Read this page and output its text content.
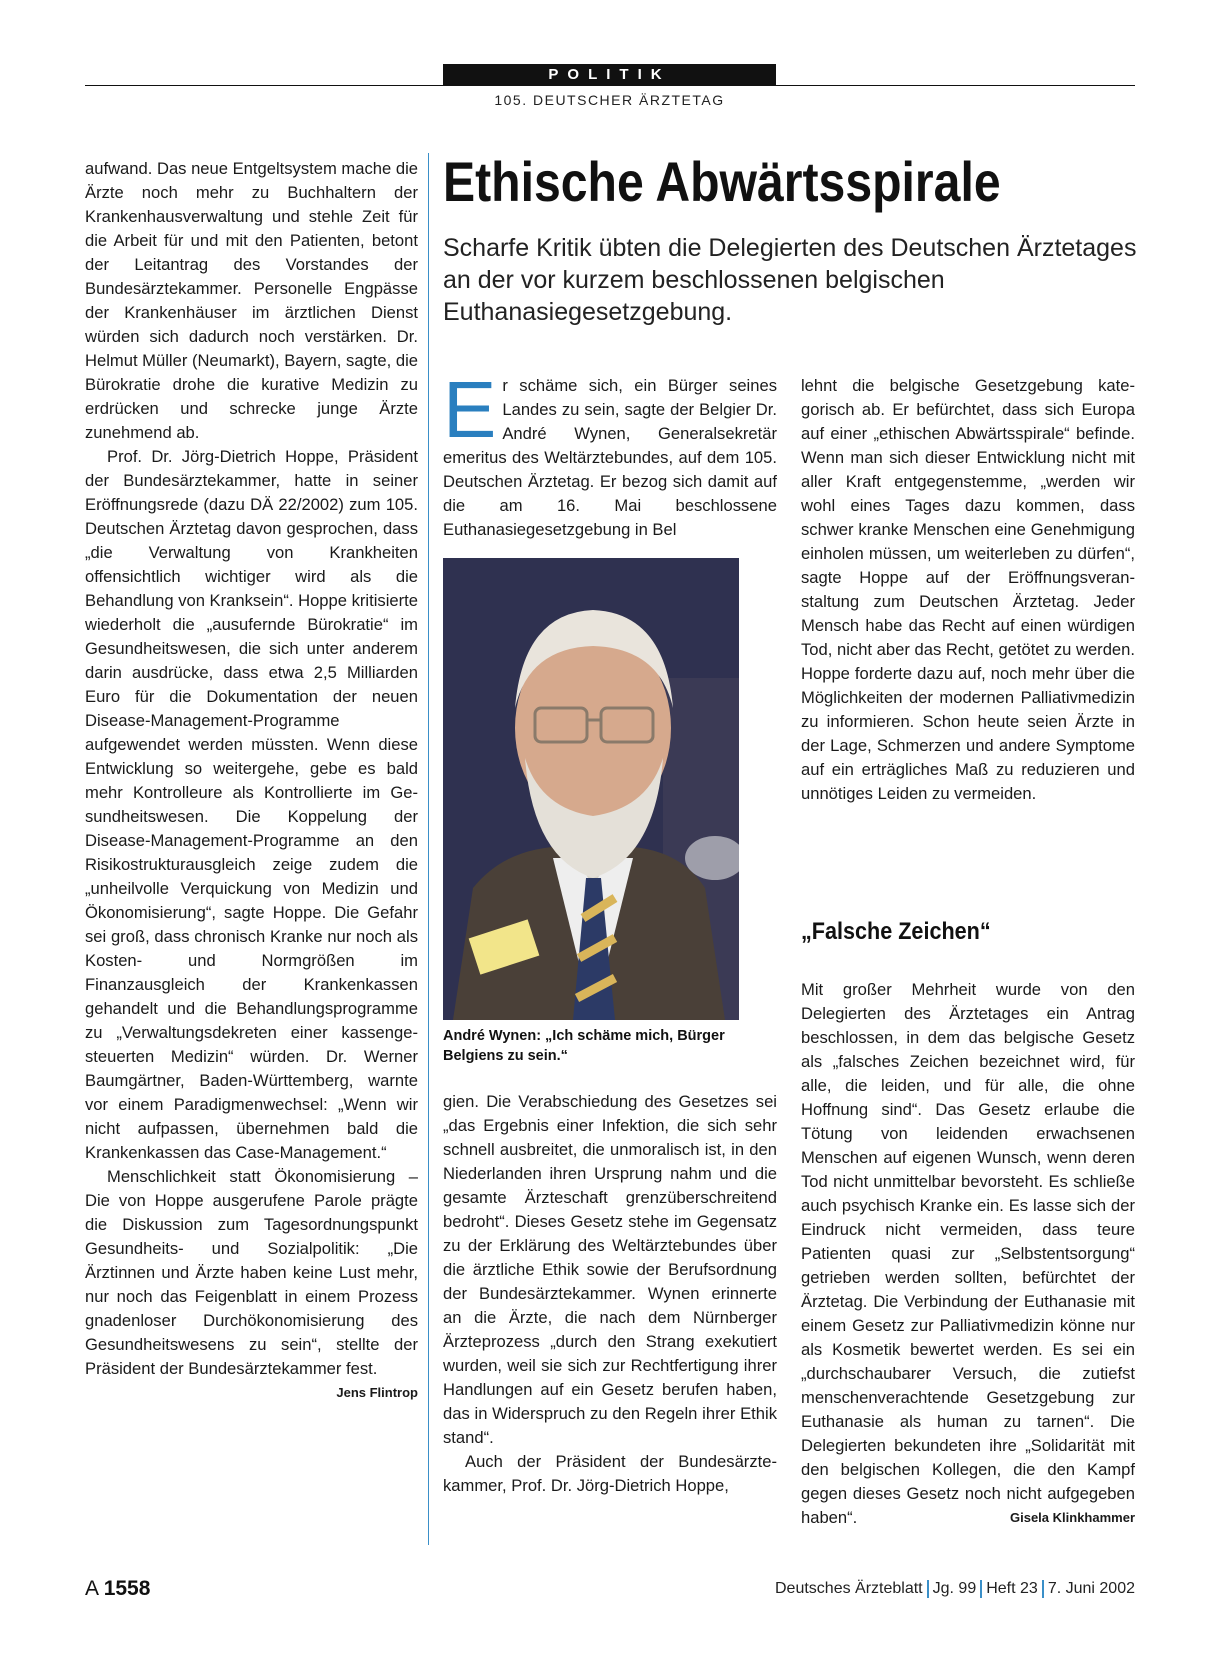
POLITIK
105. DEUTSCHER ÄRZTETAG

aufwand. Das neue Entgeltsystem mache die Ärzte noch mehr zu Buchhaltern der Krankenhausverwaltung und stehle Zeit für die Arbeit für und mit den Patienten, betont der Leitantrag des Vorstandes der Bundesärztekammer. Personelle Engpässe der Krankenhäuser im ärztlichen Dienst würden sich dadurch noch verstärken. Dr. Helmut Müller (Neumarkt), Bayern, sagte, die Bürokratie drohe die kurative Medizin zu erdrücken und schrecke junge Ärzte zunehmend ab.

Prof. Dr. Jörg-Dietrich Hoppe, Präsident der Bundesärztekammer, hatte in seiner Eröffnungsrede (dazu DÄ 22/2002) zum 105. Deutschen Ärztetag davon gesprochen, dass „die Verwaltung von Krankheiten offensichtlich wichtiger wird als die Behandlung von Kranksein“. Hoppe kritisierte wiederholt die „ausufernde Bürokratie“ im Gesundheitswesen, die sich unter anderem darin ausdrücke, dass etwa 2,5 Milliarden Euro für die Dokumentation der neuen Disease-Management-Programme aufgewendet werden müssten. Wenn diese Entwicklung so weitergehe, gebe es bald mehr Kontrolleure als Kontrollierte im Gesundheitswesen. Die Koppelung der Disease-Management-Programme an den Risikostrukturausgleich zeige zudem die „unheilvolle Verquickung von Medizin und Ökonomisierung“, sagte Hoppe. Die Gefahr sei groß, dass chronisch Kranke nur noch als Kosten- und Normgrößen im Finanzausgleich der Krankenkassen gehandelt und die Behandlungsprogramme zu „Verwaltungsdekreten einer kassengesteuerten Medizin“ würden. Dr. Werner Baumgärtner, Baden-Württemberg, warnte vor einem Paradigmenwechsel: „Wenn wir nicht aufpassen, übernehmen bald die Krankenkassen das Case-Management.“

Menschlichkeit statt Ökonomisierung – Die von Hoppe ausgerufene Parole prägte die Diskussion zum Tagesordnungspunkt Gesundheits- und Sozialpolitik: „Die Ärztinnen und Ärzte haben keine Lust mehr, nur noch das Feigenblatt in einem Prozess gnadenloser Durchökonomisierung des Gesundheitswesens zu sein“, stellte der Präsident der Bundesärztekammer fest.
Jens Flintrop

Ethische Abwärtsspirale
Scharfe Kritik übten die Delegierten des Deutschen Ärztetages an der vor kurzem beschlossenen belgischen Euthanasiegesetzgebung.

Er schäme sich, ein Bürger seines Landes zu sein, sagte der Belgier Dr. André Wynen, Generalsekretär emeritus des Weltärztebundes, auf dem 105. Deutschen Ärztetag. Er bezog sich damit auf die am 16. Mai beschlossene Euthanasiegesetzgebung in Bel

André Wynen: „Ich schäme mich, Bürger Belgiens zu sein.“

gien. Die Verabschiedung des Gesetzes sei „das Ergebnis einer Infektion, die sich sehr schnell ausbreitet, die unmoralisch ist, in den Niederlanden ihren Ursprung nahm und die gesamte Ärzteschaft grenzüberschreitend bedroht“. Dieses Gesetz stehe im Gegensatz zu der Erklärung des Weltärztebundes über die ärztliche Ethik sowie der Berufsordnung der Bundesärztekammer. Wynen erinnerte an die Ärzte, die nach dem Nürnberger Ärzteprozess „durch den Strang exekutiert wurden, weil sie sich zur Rechtfertigung ihrer Handlungen auf ein Gesetz berufen haben, das in Widerspruch zu den Regeln ihrer Ethik stand“.

Auch der Präsident der Bundesärztekammer, Prof. Dr. Jörg-Dietrich Hoppe,

lehnt die belgische Gesetzgebung kategorisch ab. Er befürchtet, dass sich Europa auf einer „ethischen Abwärtsspirale“ befinde. Wenn man sich dieser Entwicklung nicht mit aller Kraft entgegenstemme, „werden wir wohl eines Tages dazu kommen, dass schwer kranke Menschen eine Genehmigung einholen müssen, um weiterleben zu dürfen“, sagte Hoppe auf der Eröffnungsveranstaltung zum Deutschen Ärztetag. Jeder Mensch habe das Recht auf einen würdigen Tod, nicht aber das Recht, getötet zu werden. Hoppe forderte dazu auf, noch mehr über die Möglichkeiten der modernen Palliativmedizin zu informieren. Schon heute seien Ärzte in der Lage, Schmerzen und andere Symptome auf ein erträgliches Maß zu reduzieren und unnötiges Leiden zu vermeiden.

„Falsche Zeichen“

Mit großer Mehrheit wurde von den Delegierten des Ärztetages ein Antrag beschlossen, in dem das belgische Gesetz als „falsches Zeichen bezeichnet wird, für alle, die leiden, und für alle, die ohne Hoffnung sind“. Das Gesetz erlaube die Tötung von leidenden erwachsenen Menschen auf eigenen Wunsch, wenn deren Tod nicht unmittelbar bevorsteht. Es schließe auch psychisch Kranke ein. Es lasse sich der Eindruck nicht vermeiden, dass teure Patienten quasi zur „Selbstentsorgung“ getrieben werden sollten, befürchtet der Ärztetag. Die Verbindung der Euthanasie mit einem Gesetz zur Palliativmedizin könne nur als Kosmetik bewertet werden. Es sei ein „durchschaubarer Versuch, die zutiefst menschenverachtende Gesetzgebung zur Euthanasie als human zu tarnen“. Die Delegierten bekundeten ihre „Solidarität mit den belgischen Kollegen, die den Kampf gegen dieses Gesetz noch nicht aufgegeben haben“.	Gisela Klinkhammer

A 1558	Deutsches Ärzteblatt Jg. 99 Heft 23 7. Juni 2002
